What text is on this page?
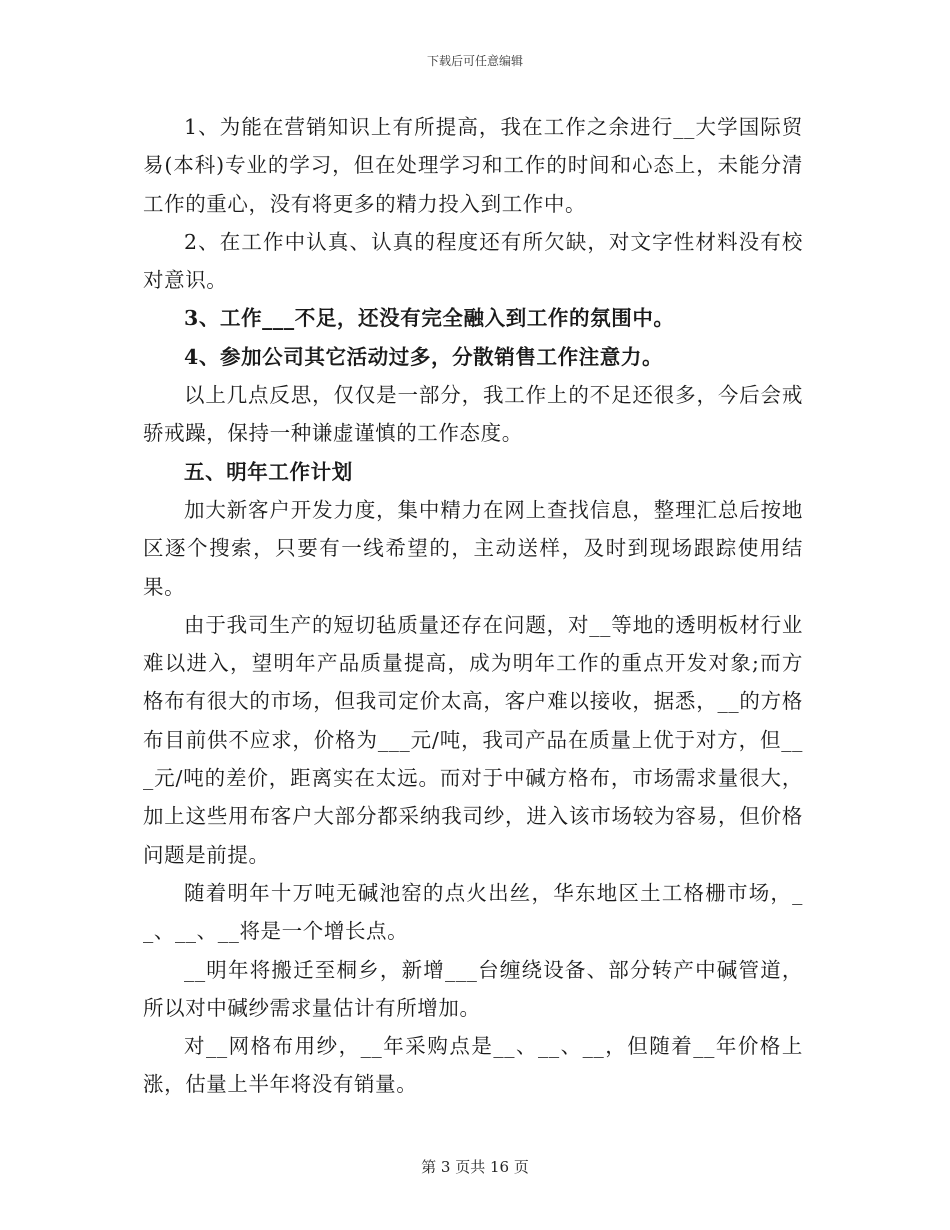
下载后可任意编辑

1、为能在营销知识上有所提高，我在工作之余进行__大学国际贸易(本科)专业的学习，但在处理学习和工作的时间和心态上，未能分清工作的重心，没有将更多的精力投入到工作中。

2、在工作中认真、认真的程度还有所欠缺，对文字性材料没有校对意识。

3、工作___不足，还没有完全融入到工作的氛围中。

4、参加公司其它活动过多，分散销售工作注意力。

以上几点反思，仅仅是一部分，我工作上的不足还很多，今后会戒骄戒躁，保持一种谦虚谨慎的工作态度。

五、明年工作计划

加大新客户开发力度，集中精力在网上查找信息，整理汇总后按地区逐个搜索，只要有一线希望的，主动送样，及时到现场跟踪使用结果。

由于我司生产的短切毡质量还存在问题，对__等地的透明板材行业难以进入，望明年产品质量提高，成为明年工作的重点开发对象;而方格布有很大的市场，但我司定价太高，客户难以接收，据悉，__的方格布目前供不应求，价格为___元/吨，我司产品在质量上优于对方，但___元/吨的差价，距离实在太远。而对于中碱方格布，市场需求量很大，加上这些用布客户大部分都采纳我司纱，进入该市场较为容易，但价格问题是前提。

随着明年十万吨无碱池窑的点火出丝，华东地区土工格栅市场，__、__、__将是一个增长点。

__明年将搬迁至桐乡，新增___台缠绕设备、部分转产中碱管道，所以对中碱纱需求量估计有所增加。

对__网格布用纱，__年采购点是__、__、__，但随着__年价格上涨，估量上半年将没有销量。

第 3 页共 16 页
